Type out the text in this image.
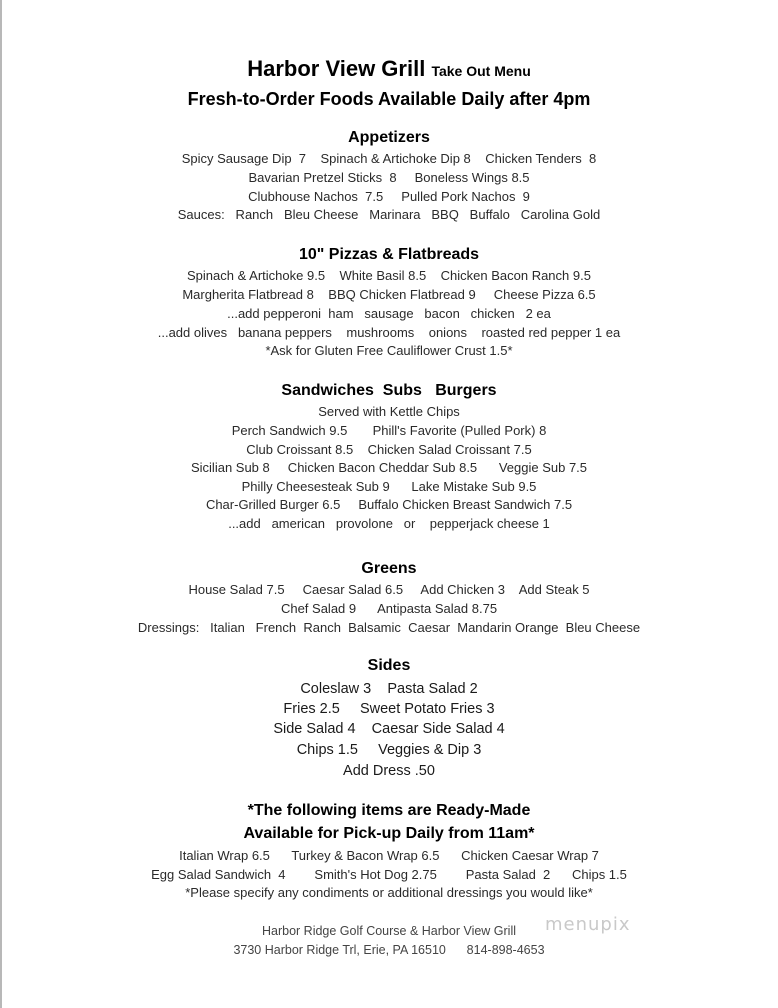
Harbor View Grill Take Out Menu
Fresh-to-Order Foods Available Daily after 4pm
Appetizers
Spicy Sausage Dip  7    Spinach & Artichoke Dip 8    Chicken Tenders  8
Bavarian Pretzel Sticks  8     Boneless Wings 8.5
Clubhouse Nachos  7.5     Pulled Pork Nachos  9
Sauces:   Ranch   Bleu Cheese   Marinara   BBQ   Buffalo   Carolina Gold
10" Pizzas & Flatbreads
Spinach & Artichoke 9.5    White Basil 8.5    Chicken Bacon Ranch 9.5
Margherita Flatbread 8    BBQ Chicken Flatbread 9     Cheese Pizza 6.5
...add pepperoni  ham   sausage   bacon   chicken   2 ea
...add olives   banana peppers    mushrooms    onions    roasted red pepper 1 ea
*Ask for Gluten Free Cauliflower Crust 1.5*
Sandwiches  Subs   Burgers
Served with Kettle Chips
Perch Sandwich 9.5       Phill's Favorite (Pulled Pork) 8
Club Croissant 8.5    Chicken Salad Croissant 7.5
Sicilian Sub 8     Chicken Bacon Cheddar Sub 8.5      Veggie Sub 7.5
Philly Cheesesteak Sub 9      Lake Mistake Sub 9.5
Char-Grilled Burger 6.5     Buffalo Chicken Breast Sandwich 7.5
...add   american   provolone   or    pepperjack cheese 1
Greens
House Salad 7.5     Caesar Salad 6.5     Add Chicken 3    Add Steak 5
Chef Salad 9      Antipasta Salad 8.75
Dressings:   Italian   French  Ranch  Balsamic  Caesar  Mandarin Orange  Bleu Cheese
Sides
Coleslaw 3    Pasta Salad 2
Fries 2.5     Sweet Potato Fries 3
Side Salad 4    Caesar Side Salad 4
Chips 1.5     Veggies & Dip 3
Add Dress .50
*The following items are Ready-Made
Available for Pick-up Daily from 11am*
Italian Wrap 6.5      Turkey & Bacon Wrap 6.5      Chicken Caesar Wrap 7
Egg Salad Sandwich  4        Smith's Hot Dog 2.75        Pasta Salad  2      Chips 1.5
*Please specify any condiments or additional dressings you would like*
Harbor Ridge Golf Course & Harbor View Grill
3730 Harbor Ridge Trl, Erie, PA 16510      814-898-4653
menupix
